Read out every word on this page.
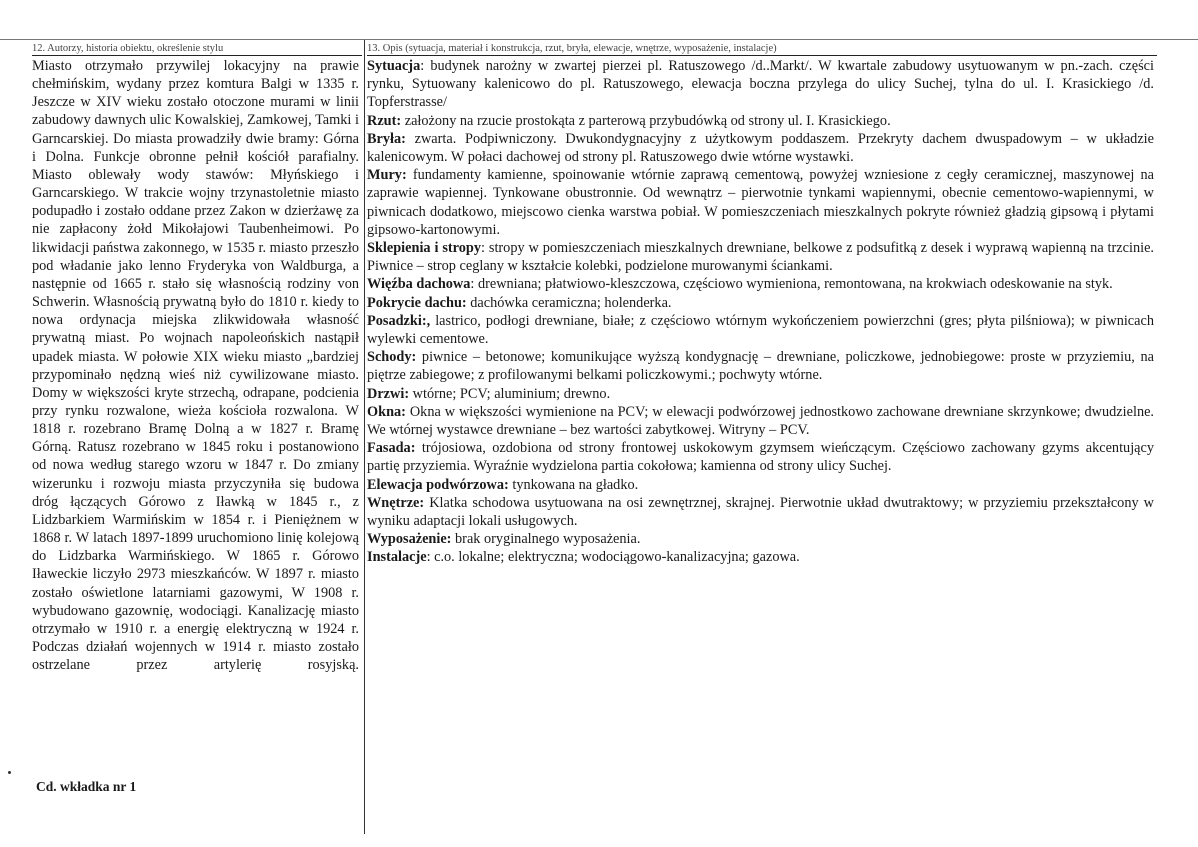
12. Autorzy, historia obiektu, określenie stylu	13. Opis (sytuacja, materiał i konstrukcja, rzut, bryła, elewacje, wnętrze, wyposażenie, instalacje)
Miasto otrzymało przywilej lokacyjny na prawie chełmińskim, wydany przez komtura Balgi w 1335 r. Jeszcze w XIV wieku zostało otoczone murami w linii zabudowy dawnych ulic Kowalskiej, Zamkowej, Tamki i Garncarskiej. Do miasta prowadziły dwie bramy: Górna i Dolna. Funkcje obronne pełnił kościół parafialny. Miasto oblewały wody stawów: Młyńskiego i Garncarskiego. W trakcie wojny trzynastoletnie miasto podupadło i zostało oddane przez Zakon w dzierżawę za nie zapłacony żołd Mikołajowi Taubenheimowi. Po likwidacji państwa zakonnego, w 1535 r. miasto przeszło pod władanie jako lenno Fryderyka von Waldburga, a następnie od 1665 r. stało się własnością rodziny von Schwerin. Własnością prywatną było do 1810 r. kiedy to nowa ordynacja miejska zlikwidowała własność prywatną miast. Po wojnach napoleońskich nastąpił upadek miasta. W połowie XIX wieku miasto „bardziej przypominało nędzną wieś niż cywilizowane miasto. Domy w większości kryte strzechą, odrapane, podcienia przy rynku rozwalone, wieża kościoła rozwalona. W 1818 r. rozebrano Bramę Dolną a w 1827 r. Bramę Górną. Ratusz rozebrano w 1845 roku i postanowiono od nowa według starego wzoru w 1847 r. Do zmiany wizerunku i rozwoju miasta przyczyniła się budowa dróg łączących Górowo z Iławką w 1845 r., z Lidzbarkiem Warmińskim w 1854 r. i Pieniężnem w 1868 r. W latach 1897-1899 uruchomiono linię kolejową do Lidzbarka Warmińskiego. W 1865 r. Górowo Iławeckie liczyło 2973 mieszkańców. W 1897 r. miasto zostało oświetlone latarniami gazowymi, W 1908 r. wybudowano gazownię, wodociągi. Kanalizację miasto otrzymało w 1910 r. a energię elektryczną w 1924 r. Podczas działań wojennych w 1914 r. miasto zostało ostrzelane przez artylerię rosyjską.
Cd. wkładka nr 1

Sytuacja: budynek narożny w zwartej pierzei pl. Ratuszowego /d..Markt/. W kwartale zabudowy usytuowanym w pn.-zach. części rynku, Sytuowany kalenicowo do pl. Ratuszowego, elewacja boczna przylega do ulicy Suchej, tylna do ul. I. Krasickiego /d. Topferstrasse/

Rzut: założony na rzucie prostokąta z parterową przybudówką od strony ul. I. Krasickiego.

Bryła: zwarta. Podpiwniczony. Dwukondygnacyjny z użytkowym poddaszem. Przekryty dachem dwuspadowym – w układzie kalenicowym. W połaci dachowej od strony pl. Ratuszowego dwie wtórne wystawki.

Mury: fundamenty kamienne, spoinowanie wtórnie zaprawą cementową, powyżej wzniesione z cegły ceramicznej, maszynowej na zaprawie wapiennej. Tynkowane obustronnie. Od wewnątrz – pierwotnie tynkami wapiennymi, obecnie cementowo-wapiennymi, w piwnicach dodatkowo, miejscowo cienka warstwa pobiał. W pomieszczeniach mieszkalnych pokryte również gładzią gipsową i płytami gipsowo-kartonowymi.

Sklepienia i stropy: stropy w pomieszczeniach mieszkalnych drewniane, belkowe z podsufitką z desek i wyprawą wapienną na trzcinie. Piwnice – strop ceglany w kształcie kolebki, podzielone murowanymi ściankami.

Więźba dachowa: drewniana; płatwiowo-kleszczowa, częściowo wymieniona, remontowana, na krokwiach odeskowanie na styk.

Pokrycie dachu: dachówka ceramiczna; holenderka.

Posadzki:, lastrico, podłogi drewniane, białe; z częściowo wtórnym wykończeniem powierzchni (gres; płyta pilśniowa); w piwnicach wylewki cementowe.

Schody: piwnice – betonowe; komunikujące wyższą kondygnację – drewniane, policzkowe, jednobiegowe: proste w przyziemiu, na piętrze zabiegowe; z profilowanymi belkami policzkowymi.; pochwyty wtórne.

Drzwi: wtórne; PCV; aluminium; drewno.

Okna: Okna w większości wymienione na PCV; w elewacji podwórzowej jednostkowo zachowane drewniane skrzynkowe; dwudzielne. We wtórnej wystawce drewniane – bez wartości zabytkowej. Witryny – PCV.

Fasada: trójosiowa, ozdobiona od strony frontowej uskokowym gzymsem wieńczącym. Częściowo zachowany gzyms akcentujący partię przyziemia. Wyraźnie wydzielona partia cokołowa; kamienna od strony ulicy Suchej.

Elewacja podwórzowa: tynkowana na gładko.

Wnętrze: Klatka schodowa usytuowana na osi zewnętrznej, skrajnej. Pierwotnie układ dwutraktowy; w przyziemiu przekształcony w wyniku adaptacji lokali usługowych.

Wyposażenie: brak oryginalnego wyposażenia.

Instalacje: c.o. lokalne; elektryczna; wodociągowo-kanalizacyjna; gazowa.
